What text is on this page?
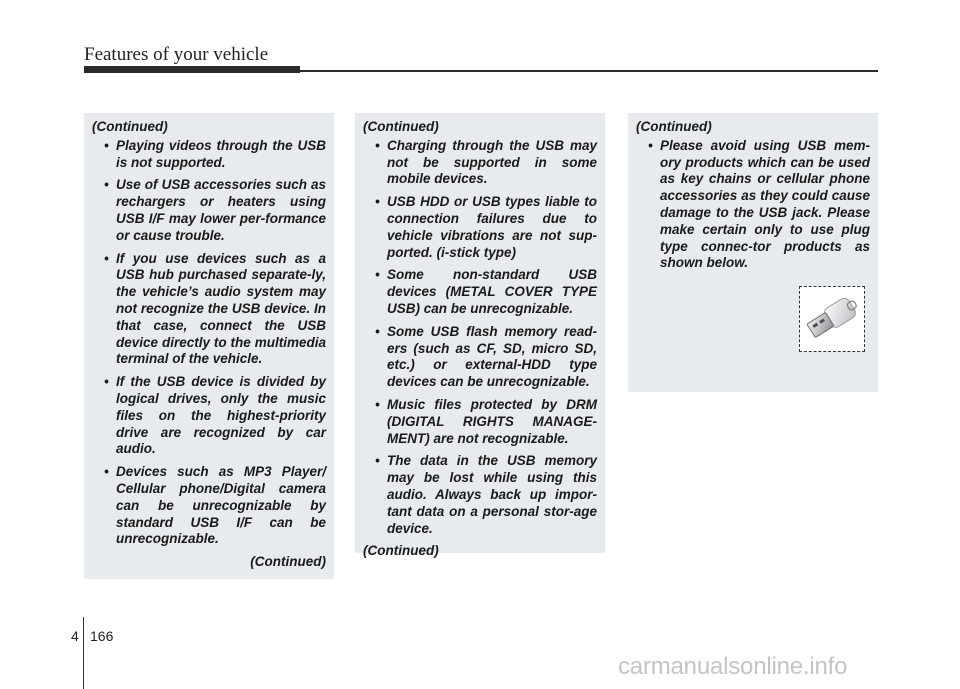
Features of your vehicle
(Continued)
• Playing videos through the USB is not supported.
• Use of USB accessories such as rechargers or heaters using USB I/F may lower per-formance or cause trouble.
• If you use devices such as a USB hub purchased separate-ly, the vehicle’s audio system may not recognize the USB device. In that case, connect the USB device directly to the multimedia terminal of the vehicle.
• If the USB device is divided by logical drives, only the music files on the highest-priority drive are recognized by car audio.
• Devices such as MP3 Player/ Cellular phone/Digital camera can be unrecognizable by standard USB I/F can be unrecognizable.
(Continued)
(Continued)
• Charging through the USB may not be supported in some mobile devices.
• USB HDD or USB types liable to connection failures due to vehicle vibrations are not sup-ported. (i-stick type)
• Some non-standard USB devices (METAL COVER TYPE USB) can be unrecognizable.
• Some USB flash memory read-ers (such as CF, SD, micro SD, etc.) or external-HDD type devices can be unrecognizable.
• Music files protected by DRM (DIGITAL RIGHTS MANAGE-MENT) are not recognizable.
• The data in the USB memory may be lost while using this audio. Always back up impor-tant data on a personal stor-age device.
(Continued)
(Continued)
• Please avoid using USB mem-ory products which can be used as key chains or cellular phone accessories as they could cause damage to the USB jack. Please make certain only to use plug type connec-tor products as shown below.
4 166
carmanualsonline.info
